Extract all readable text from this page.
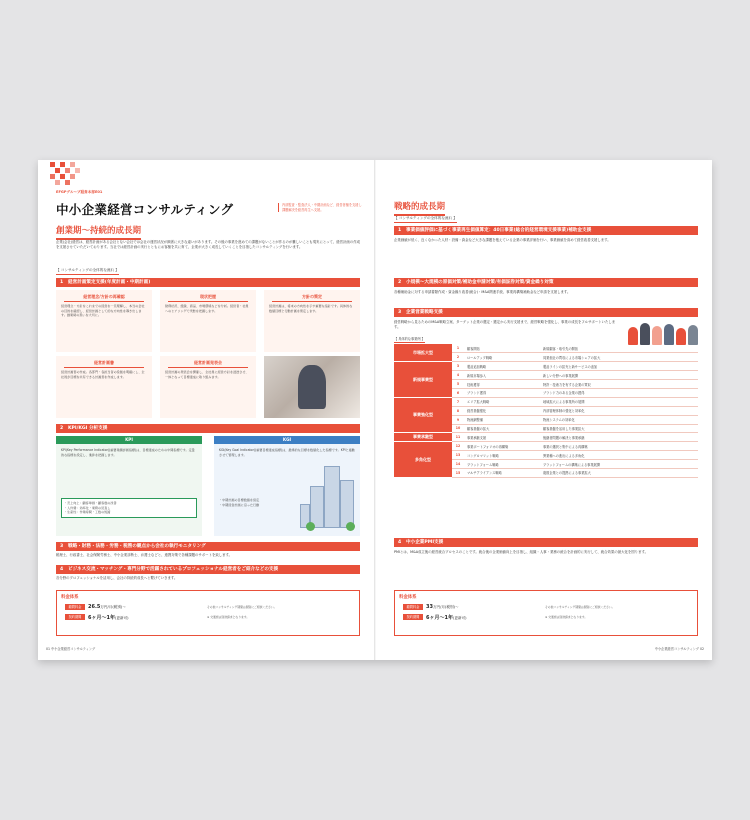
EFGPグループ経営本部E01
中小企業経営コンサルティング	内部監査・監査法人・中期計画など、経営者様を支援し課題解決を経営再生へ支援。
創業期～持続的成長期
企業(会社)経営は、経営計画がある会社とない会社では会社の運営状況が顕著に大きな違いがあります。その後の事業を進めての課題がないことが作るのが難しいことも現実にとって、経営計画の作成を支援させていただいております。当社では経営計画の実行とともにお客様を共に育て、企業が大きく成長していくことを目指したコンサルティングを行います。
【 コンサルティングの全体的な流れ 】
1 経営計画策定支援(年度計画・中期計画)
経営理念/方針の再確認
経営理念・方針をこれまでの経営を一旦理解し、本当の会社の目的を確認し、経営計画として的な方向性を導き出します。創業時の思いを大切に。
現状把握
財務状況、組織、商品、市場環境などを分析。経営者・社員へのヒアリングで実態を把握します。
方針の策定
経営計画は、将来の方向性を示す重要な指針です。具体的な数値目標と行動計画を策定します。
経営計画書
経営計画書の作成。各部門・各担当者の役割を明確にし、全社員が目標を共有できる計画書を作成します。
経営計画発表会
経営計画の発表会を開催し、全社員に経営方針を浸透させ、一体となって目標達成に取り組みます。
2 KPI/KGI 分析支援
KPI
KPI(Key Performance Indicator)(重要業績評価指標)は、目標達成のための中間指標です。定量的な指標を設定し、進捗を把握します。
・売上向上：顧客単価・顧客数の改善
・人件費：効率化・業務の見直し
・生産性：作業時間・工数の短縮
KGI
KGI(Key Goal Indicator)(重要目標達成指標)は、最終的な目標を数値化した指標です。KPIと連動させて管理します。
・中期計画の目標数値を設定
・中期経営計画に沿った行動
3 戦略・財務・法務・労務・税務の観点から会社の執行モニタリング
税理士、行政書士、社会保険労務士、中小企業診断士、弁護士などと、連携対策で各種課題のサポートを致します。
4 ビジネス交流・マッチング・専門分野で活躍されているプロフェッショナル経営者をご紹介などの支援
各分野のプロフェッショナルを活用し、会社の持続的成長へと繋げていきます。
料金体系
顧問料金	26.5万円/月(税別)～
契約期間	6ヶ月～1年(更新可)
その他コンサルティング期間は個別にご相談ください。
※ 交通費は別途請求となります。
01 中小企業経営コンサルティング
戦略的成長期
【 コンサルティングの全体的な流れ 】
1 事業価値評価に基づく事業再生価値算定：40日事業(総合的経営環境支援事業)補助金支援
企業価値が低く、良くなかった人材・設備・資金など大きな課題を抱えている企業の事業評価を行い、事業価値を高めて経営改善支援します。
2 小規模～大規模の原価対策/補助金申請対策/有価証券対策/資金繰り対策
各種補助金に対する申請書類作成・資金繰り改善(統合)・M&A関連手続、事業再構築補助金など申請を支援します。
3 企業営業戦略支援
経営戦略から見るためのM&A戦略立案、ターゲット企業の選定・選定から実行支援まで、経営戦略を強化し、事業の成長をフルサポートいたします。
【 具体的な事業例 】
市場拡大型	1	顧客開拓	新規顧客・取引先の開拓
	2	ロールアップ戦略	同業他社の買収による市場シェアの拡大
新規事業型	3	製品追加戦略	製品ラインの拡充と新サービスの追加
	4	新規市場参入	新しい分野への事業展開
	5	技術獲得	特許・技術力を有する企業の買収
	6	ブランド獲得	ブランド力のある企業の獲得
事業強化型	7	エリア拡大戦略	地域拡大による事業所の展開
	8	経営基盤強化	内部管理体制の強化と効率化
	9	物流網整備	物流システムの効率化
	10	顧客基盤の拡大	顧客基盤を活用した事業拡大
事業承継型	11	事業承継支援	後継者問題の解決と事業承継
多角化型	12	事業ポートフォリオの再構築	事業の選択と集中による再構築
	13	コングロマリット戦略	異業種への進出による多角化
	14	プラットフォーム戦略	プラットフォームの構築による事業展開
	15	マルチアライアンス戦略	複数企業との提携による事業拡大
4 中小企業PMI支援
PMIとは、M&A成立後の経営統合プロセスのことです。統合後の企業価値向上を目指し、組織・人事・業務の統合を計画的に実行して、統合効果の最大化を図ります。
料金体系
顧問料金	33万円/月(税別)～
契約期間	6ヶ月～1年(更新可)
その他コンサルティング期間は個別にご相談ください。
※ 交通費は別途請求となります。
中小企業経営コンサルティング 02
